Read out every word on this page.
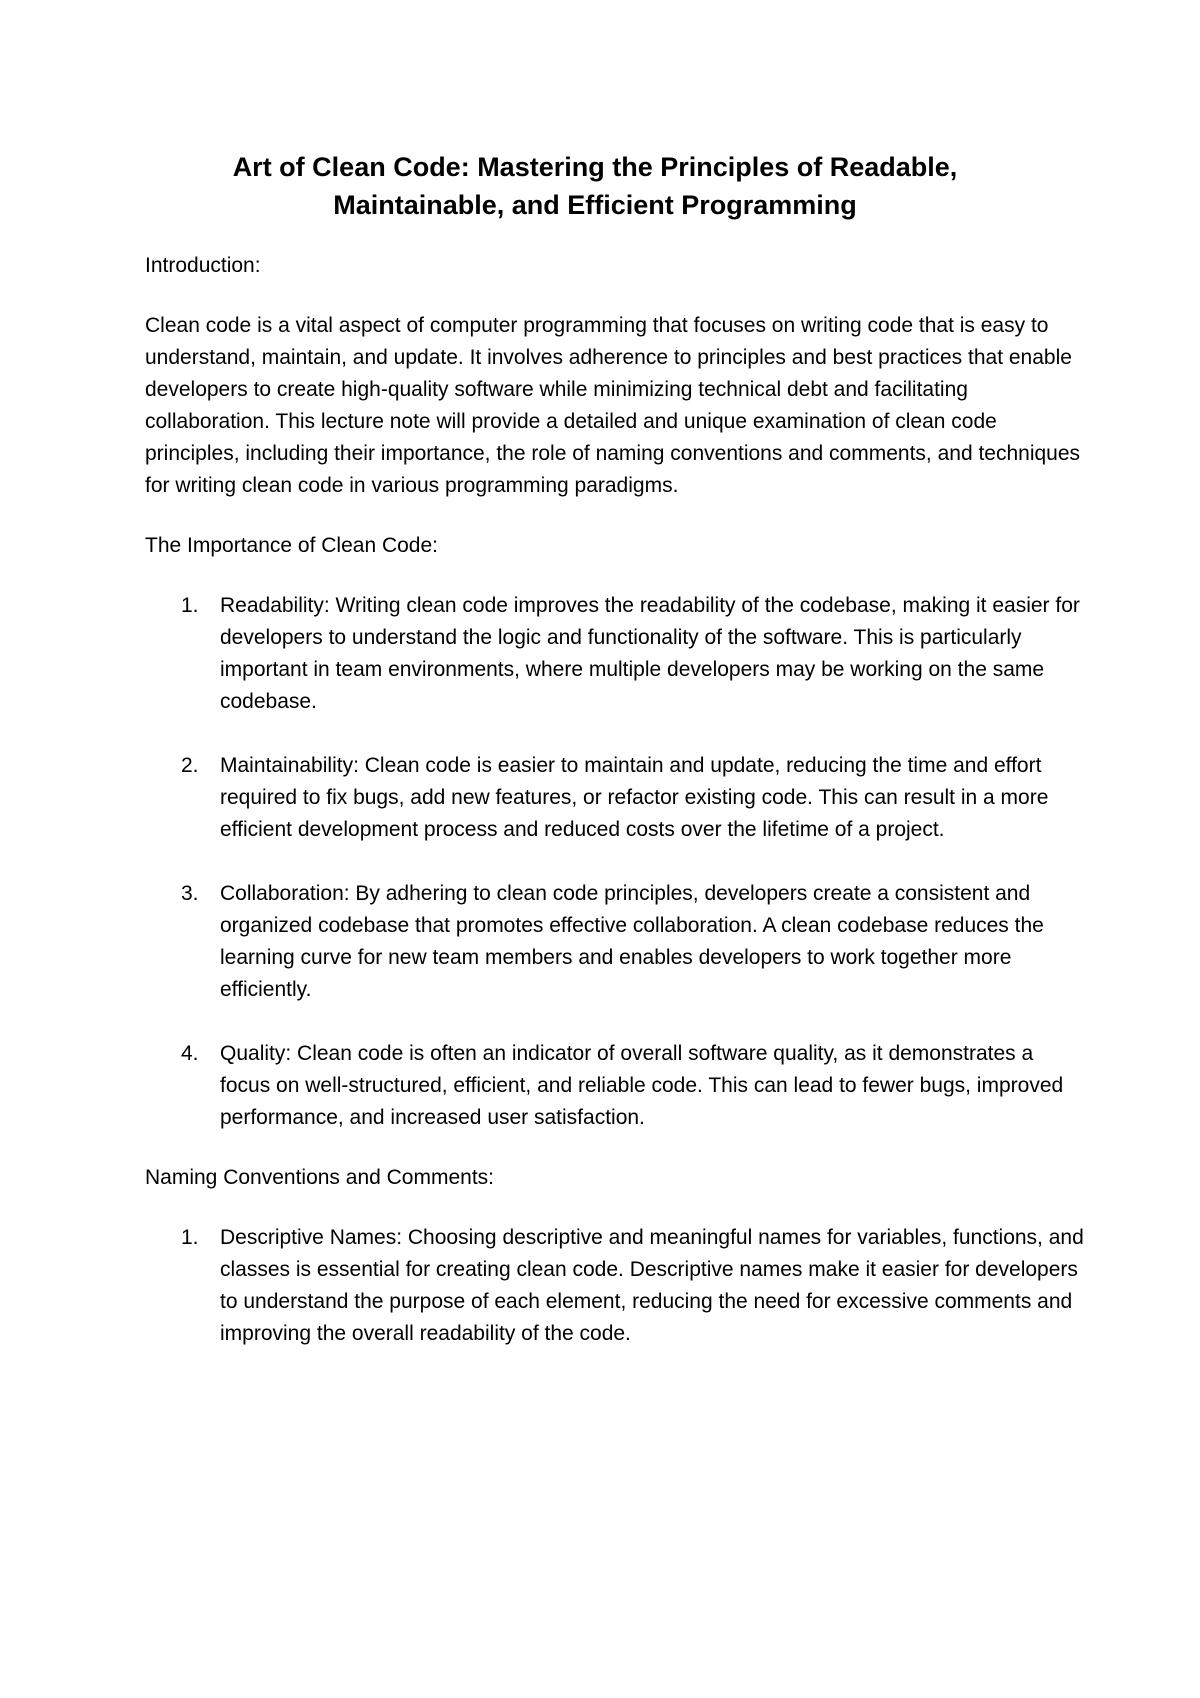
Art of Clean Code: Mastering the Principles of Readable,
Maintainable, and Efficient Programming

Introduction:

Clean code is a vital aspect of computer programming that focuses on writing code that is easy to understand, maintain, and update. It involves adherence to principles and best practices that enable developers to create high-quality software while minimizing technical debt and facilitating collaboration. This lecture note will provide a detailed and unique examination of clean code principles, including their importance, the role of naming conventions and comments, and techniques for writing clean code in various programming paradigms.

The Importance of Clean Code:

1. Readability: Writing clean code improves the readability of the codebase, making it easier for developers to understand the logic and functionality of the software. This is particularly important in team environments, where multiple developers may be working on the same codebase.
2. Maintainability: Clean code is easier to maintain and update, reducing the time and effort required to fix bugs, add new features, or refactor existing code. This can result in a more efficient development process and reduced costs over the lifetime of a project.
3. Collaboration: By adhering to clean code principles, developers create a consistent and organized codebase that promotes effective collaboration. A clean codebase reduces the learning curve for new team members and enables developers to work together more efficiently.
4. Quality: Clean code is often an indicator of overall software quality, as it demonstrates a focus on well-structured, efficient, and reliable code. This can lead to fewer bugs, improved performance, and increased user satisfaction.

Naming Conventions and Comments:

1. Descriptive Names: Choosing descriptive and meaningful names for variables, functions, and classes is essential for creating clean code. Descriptive names make it easier for developers to understand the purpose of each element, reducing the need for excessive comments and improving the overall readability of the code.
